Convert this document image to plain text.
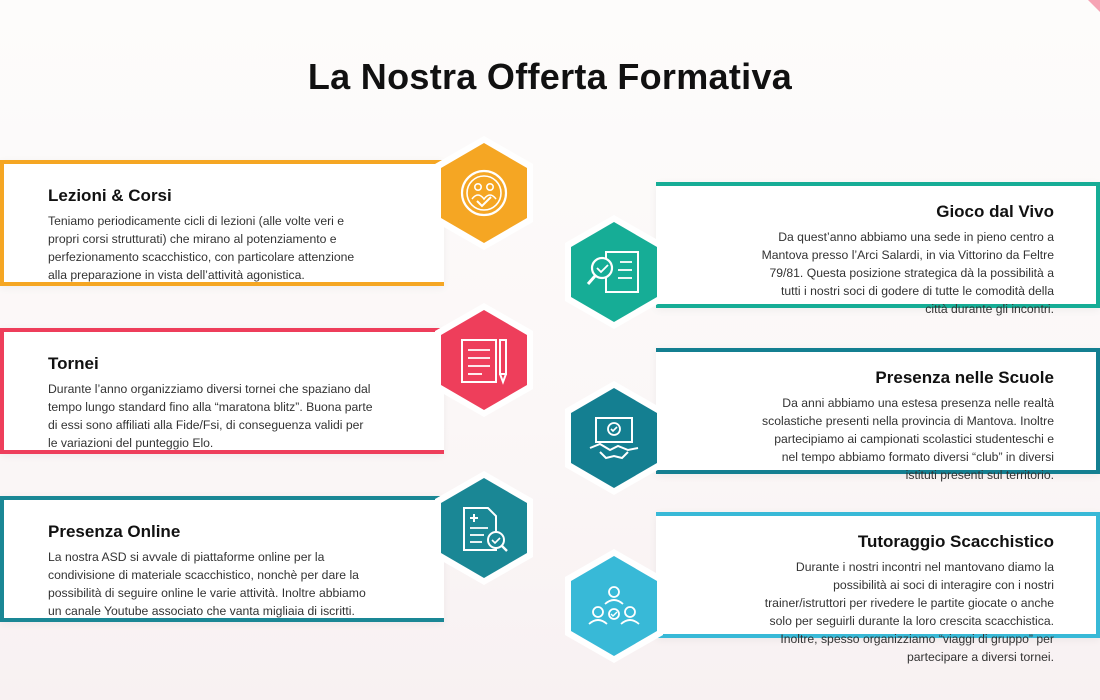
La Nostra Offerta Formativa
Lezioni & Corsi

Teniamo periodicamente cicli di lezioni (alle volte veri e propri corsi strutturati) che mirano al potenziamento e perfezionamento scacchistico, con particolare attenzione alla preparazione in vista dell’attività agonistica.

Gioco dal Vivo

Da quest’anno abbiamo una sede in pieno centro a Mantova presso l’Arci Salardi, in via Vittorino da Feltre 79/81. Questa posizione strategica dà la possibilità a tutti i nostri soci di godere di tutte le comodità della città durante gli incontri.

Tornei

Durante l’anno organizziamo diversi tornei che spaziano dal tempo lungo standard fino alla “maratona blitz”. Buona parte di essi sono affiliati alla Fide/Fsi, di conseguenza validi per le variazioni del punteggio Elo.

Presenza nelle Scuole

Da anni abbiamo una estesa presenza nelle realtà scolastiche presenti nella provincia di Mantova. Inoltre partecipiamo ai campionati scolastici studenteschi e nel tempo abbiamo formato diversi “club” in diversi istituti presenti sul territorio.

Presenza Online

La nostra ASD si avvale di piattaforme online per la condivisione di materiale scacchistico, nonchè per dare la possibilità di seguire online le varie attività. Inoltre abbiamo un canale Youtube associato che vanta migliaia di iscritti.

Tutoraggio Scacchistico

Durante i nostri incontri nel mantovano diamo la possibilità ai soci di interagire con i nostri trainer/istruttori per rivedere le partite giocate o anche solo per seguirli durante la loro crescita scacchistica. Inoltre, spesso organizziamo “viaggi di gruppo” per partecipare a diversi tornei.
